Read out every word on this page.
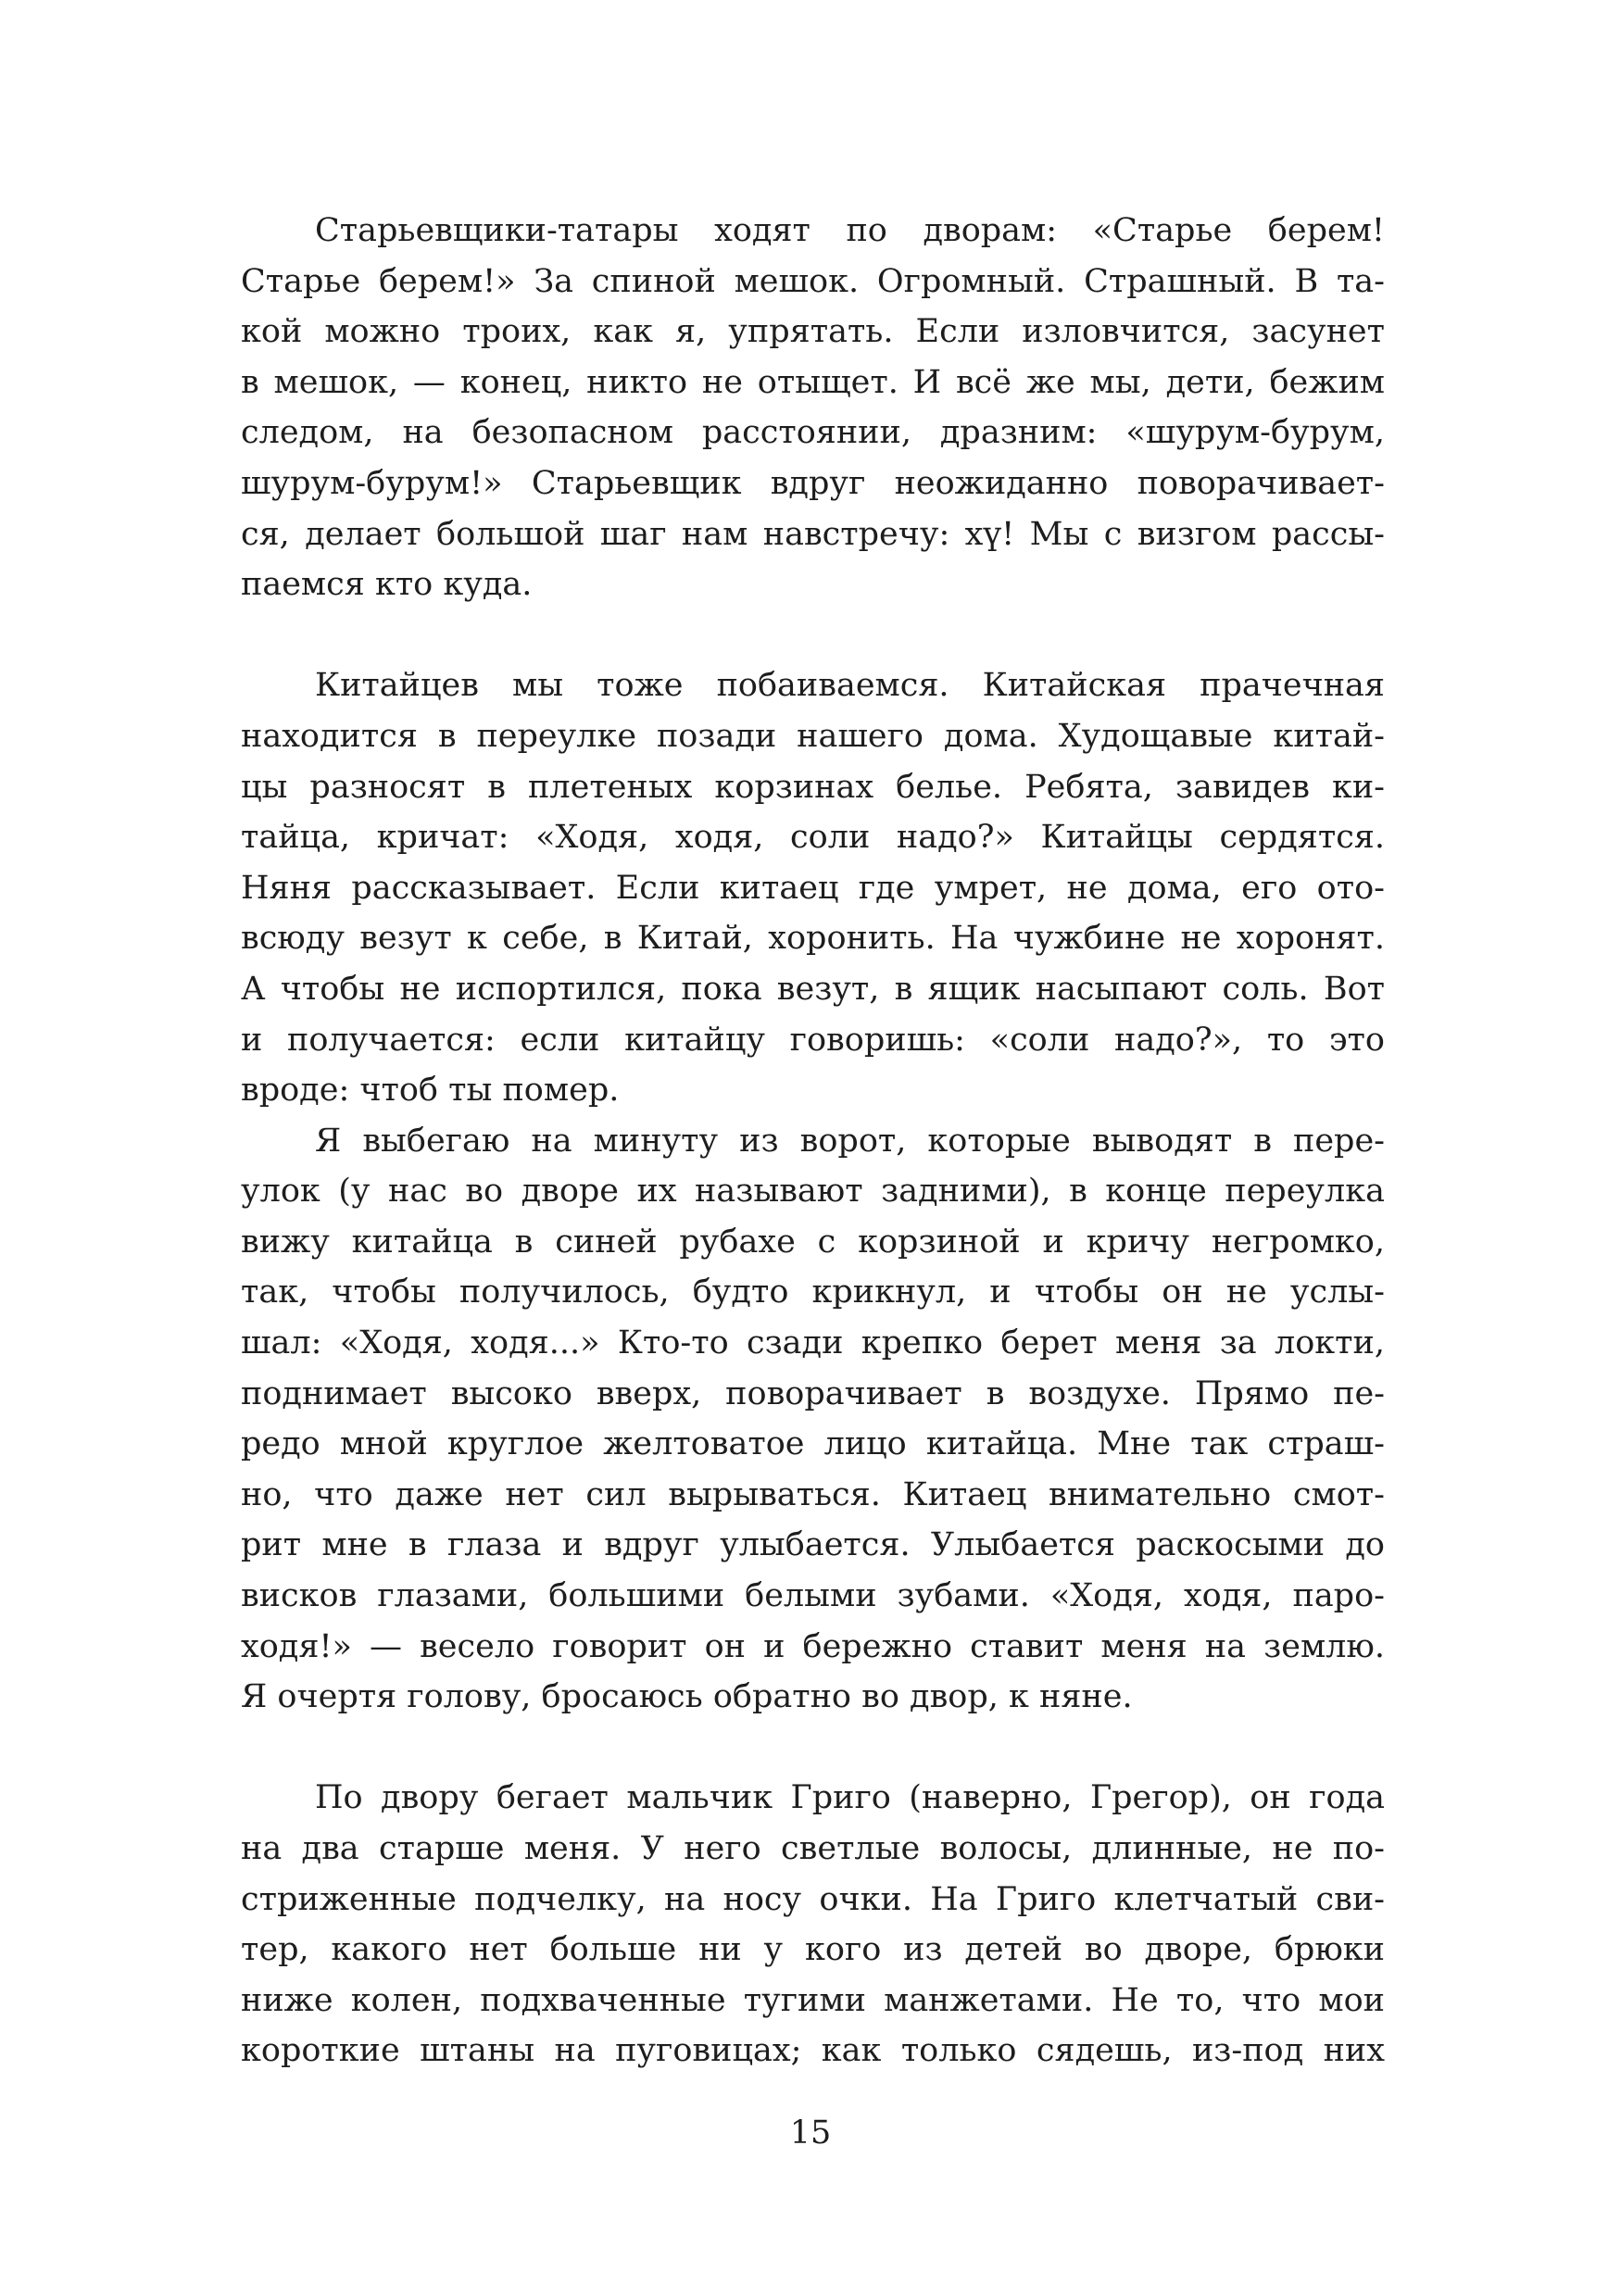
Старьевщики-татары ходят по дворам: «Старье берем!
Старье берем!» За спиной мешок. Огромный. Страшный. В та-
кой можно троих, как я, упрятать. Если изловчится, засунет
в мешок, — конец, никто не отыщет. И всё же мы, дети, бежим
следом, на безопасном расстоянии, дразним: «шурум-бурум,
шурум-бурум!» Старьевщик вдруг неожиданно поворачивает-
ся, делает большой шаг нам навстречу: хү! Мы с визгом рассы-
паемся кто куда.
Китайцев мы тоже побаиваемся. Китайская прачечная
находится в переулке позади нашего дома. Худощавые китай-
цы разносят в плетеных корзинах белье. Ребята, завидев ки-
тайца, кричат: «Ходя, ходя, соли надо?» Китайцы сердятся.
Няня рассказывает. Если китаец где умрет, не дома, его ото-
всюду везут к себе, в Китай, хоронить. На чужбине не хоронят.
А чтобы не испортился, пока везут, в ящик насыпают соль. Вот
и получается: если китайцу говоришь: «соли надо?», то это
вроде: чтоб ты помер.
Я выбегаю на минуту из ворот, которые выводят в пере-
улок (у нас во дворе их называют задними), в конце переулка
вижу китайца в синей рубахе с корзиной и кричу негромко,
так, чтобы получилось, будто крикнул, и чтобы он не услы-
шал: «Ходя, ходя...» Кто-то сзади крепко берет меня за локти,
поднимает высоко вверх, поворачивает в воздухе. Прямо пе-
редо мной круглое желтоватое лицо китайца. Мне так страш-
но, что даже нет сил вырываться. Китаец внимательно смот-
рит мне в глаза и вдруг улыбается. Улыбается раскосыми до
висков глазами, большими белыми зубами. «Ходя, ходя, паро-
ходя!» — весело говорит он и бережно ставит меня на землю.
Я очертя голову, бросаюсь обратно во двор, к няне.
По двору бегает мальчик Григо (наверно, Грегор), он года
на два старше меня. У него светлые волосы, длинные, не по-
стриженные подчелку, на носу очки. На Григо клетчатый сви-
тер, какого нет больше ни у кого из детей во дворе, брюки
ниже колен, подхваченные тугими манжетами. Не то, что мои
короткие штаны на пуговицах; как только сядешь, из-под них
15
